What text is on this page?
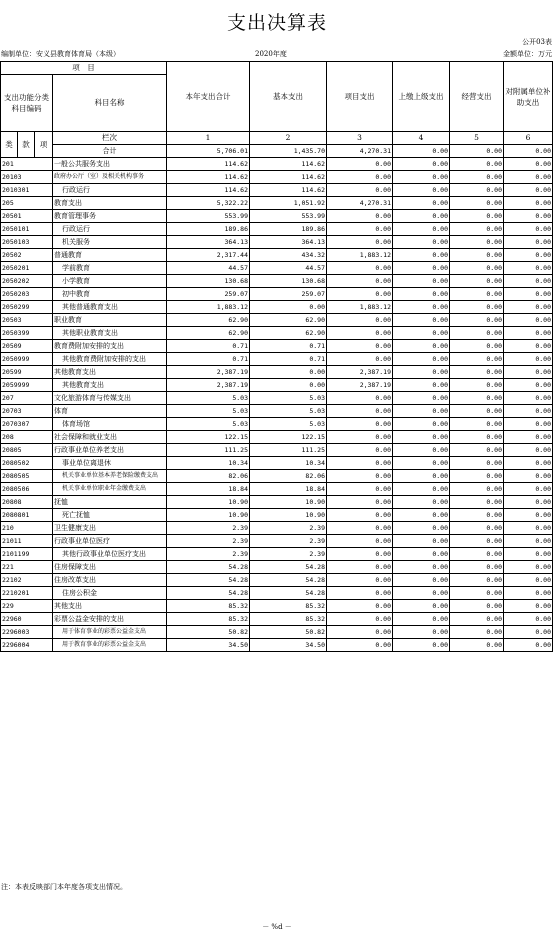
支出决算表
公开03表
编制单位：安义县教育体育局（本级）	2020年度	金额单位：万元
项　目				本年支出合计	基本支出	项目支出	上缴上级支出	经营支出	对附属单位补助支出
支出功能分类科目编码			科目名称						

类	款	项	栏次	1	2	3	4	5	6
			合计	5,706.01	1,435.70	4,270.31	0.00	0.00	0.00
201			一般公共服务支出	114.62	114.62	0.00	0.00	0.00	0.00
20103			政府办公厅（室）及相关机构事务	114.62	114.62	0.00	0.00	0.00	0.00
2010301			行政运行	114.62	114.62	0.00	0.00	0.00	0.00
205			教育支出	5,322.22	1,051.92	4,270.31	0.00	0.00	0.00
20501			教育管理事务	553.99	553.99	0.00	0.00	0.00	0.00
2050101			行政运行	189.86	189.86	0.00	0.00	0.00	0.00
2050103			机关服务	364.13	364.13	0.00	0.00	0.00	0.00
20502			普通教育	2,317.44	434.32	1,883.12	0.00	0.00	0.00
2050201			学前教育	44.57	44.57	0.00	0.00	0.00	0.00
2050202			小学教育	130.68	130.68	0.00	0.00	0.00	0.00
2050203			初中教育	259.07	259.07	0.00	0.00	0.00	0.00
2050299			其他普通教育支出	1,883.12	0.00	1,883.12	0.00	0.00	0.00
20503			职业教育	62.90	62.90	0.00	0.00	0.00	0.00
2050399			其他职业教育支出	62.90	62.90	0.00	0.00	0.00	0.00
20509			教育费附加安排的支出	0.71	0.71	0.00	0.00	0.00	0.00
2050999			其他教育费附加安排的支出	0.71	0.71	0.00	0.00	0.00	0.00
20599			其他教育支出	2,387.19	0.00	2,387.19	0.00	0.00	0.00
2059999			其他教育支出	2,387.19	0.00	2,387.19	0.00	0.00	0.00
207			文化旅游体育与传媒支出	5.03	5.03	0.00	0.00	0.00	0.00
20703			体育	5.03	5.03	0.00	0.00	0.00	0.00
2070307			体育场馆	5.03	5.03	0.00	0.00	0.00	0.00
208			社会保障和就业支出	122.15	122.15	0.00	0.00	0.00	0.00
20805			行政事业单位养老支出	111.25	111.25	0.00	0.00	0.00	0.00
2080502			事业单位离退休	10.34	10.34	0.00	0.00	0.00	0.00
2080505			机关事业单位基本养老保险缴费支出	82.06	82.06	0.00	0.00	0.00	0.00
2080506			机关事业单位职业年金缴费支出	18.84	18.84	0.00	0.00	0.00	0.00
20808			抚恤	10.90	10.90	0.00	0.00	0.00	0.00
2080801			死亡抚恤	10.90	10.90	0.00	0.00	0.00	0.00
210			卫生健康支出	2.39	2.39	0.00	0.00	0.00	0.00
21011			行政事业单位医疗	2.39	2.39	0.00	0.00	0.00	0.00
2101199			其他行政事业单位医疗支出	2.39	2.39	0.00	0.00	0.00	0.00
221			住房保障支出	54.28	54.28	0.00	0.00	0.00	0.00
22102			住房改革支出	54.28	54.28	0.00	0.00	0.00	0.00
2210201			住房公积金	54.28	54.28	0.00	0.00	0.00	0.00
229			其他支出	85.32	85.32	0.00	0.00	0.00	0.00
22960			彩票公益金安排的支出	85.32	85.32	0.00	0.00	0.00	0.00
2296003			用于体育事业的彩票公益金支出	50.82	50.82	0.00	0.00	0.00	0.00
2296004			用于教育事业的彩票公益金支出	34.50	34.50	0.00	0.00	0.00	0.00
注：本表反映部门本年度各项支出情况。
－ %d －
